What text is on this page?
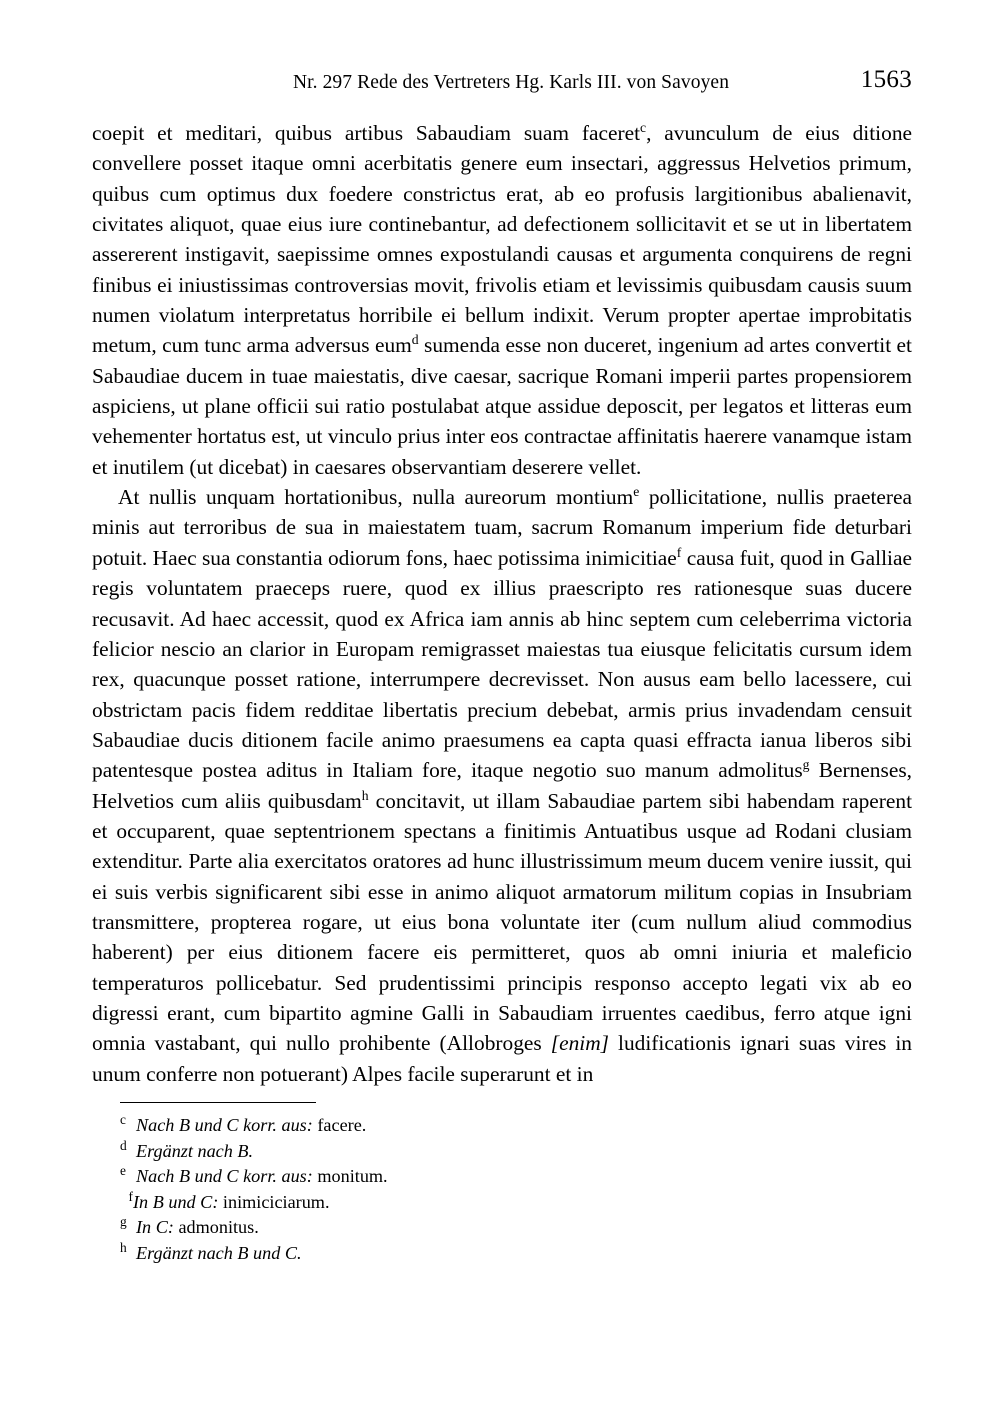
Nr. 297 Rede des Vertreters Hg. Karls III. von Savoyen	1563

coepit et meditari, quibus artibus Sabaudiam suam faceret$^c$, avunculum de eius ditione convellere posset itaque omni acerbitatis genere eum insectari, aggressus Helvetios primum, quibus cum optimus dux foedere constrictus erat, ab eo profusis largitionibus abalienavit, civitates aliquot, quae eius iure continebantur, ad defectionem sollicitavit et se ut in libertatem assererent instigavit, saepissime omnes expostulandi causas et argumenta conquirens de regni finibus ei iniustissimas controversias movit, frivolis etiam et levissimis quibusdam causis suum numen violatum interpretatus horribile ei bellum indixit. Verum propter apertae improbitatis metum, cum tunc arma adversus eum$^d$ sumenda esse non duceret, ingenium ad artes convertit et Sabaudiae ducem in tuae maiestatis, dive caesar, sacrique Romani imperii partes propensiorem aspiciens, ut plane officii sui ratio postulabat atque assidue deposcit, per legatos et litteras eum vehementer hortatus est, ut vinculo prius inter eos contractae affinitatis haerere vanamque istam et inutilem (ut dicebat) in caesares observantiam deserere vellet.

At nullis unquam hortationibus, nulla aureorum montium$^e$ pollicitatione, nullis praeterea minis aut terroribus de sua in maiestatem tuam, sacrum Romanum imperium fide deturbari potuit. Haec sua constantia odiorum fons, haec potissima inimicitiae$^f$ causa fuit, quod in Galliae regis voluntatem praeceps ruere, quod ex illius praescripto res rationesque suas ducere recusavit. Ad haec accessit, quod ex Africa iam annis ab hinc septem cum celeberrima victoria felicior nescio an clarior in Europam remigrasset maiestas tua eiusque felicitatis cursum idem rex, quacunque posset ratione, interrumpere decrevisset. Non ausus eam bello lacessere, cui obstrictam pacis fidem redditae libertatis precium debebat, armis prius invadendam censuit Sabaudiae ducis ditionem facile animo praesumens ea capta quasi effracta ianua liberos sibi patentesque postea aditus in Italiam fore, itaque negotio suo manum admolitus$^g$ Bernenses, Helvetios cum aliis quibusdam$^h$ concitavit, ut illam Sabaudiae partem sibi habendam raperent et occuparent, quae septentrionem spectans a finitimis Antuatibus usque ad Rodani clusiam extenditur. Parte alia exercitatos oratores ad hunc illustrissimum meum ducem venire iussit, qui ei suis verbis significarent sibi esse in animo aliquot armatorum militum copias in Insubriam transmittere, propterea rogare, ut eius bona voluntate iter (cum nullum aliud commodius haberent) per eius ditionem facere eis permitteret, quos ab omni iniuria et maleficio temperaturos pollicebatur. Sed prudentissimi principis responso accepto legati vix ab eo digressi erant, cum bipartito agmine Galli in Sabaudiam irruentes caedibus, ferro atque igni omnia vastabant, qui nullo prohibente (Allobroges [enim] ludificationis ignari suas vires in unum conferre non potuerant) Alpes facile superarunt et in

c Nach B und C korr. aus: facere.
d Ergänzt nach B.
e Nach B und C korr. aus: monitum.
fIn B und C: inimiciciarum.
g In C: admonitus.
h Ergänzt nach B und C.
